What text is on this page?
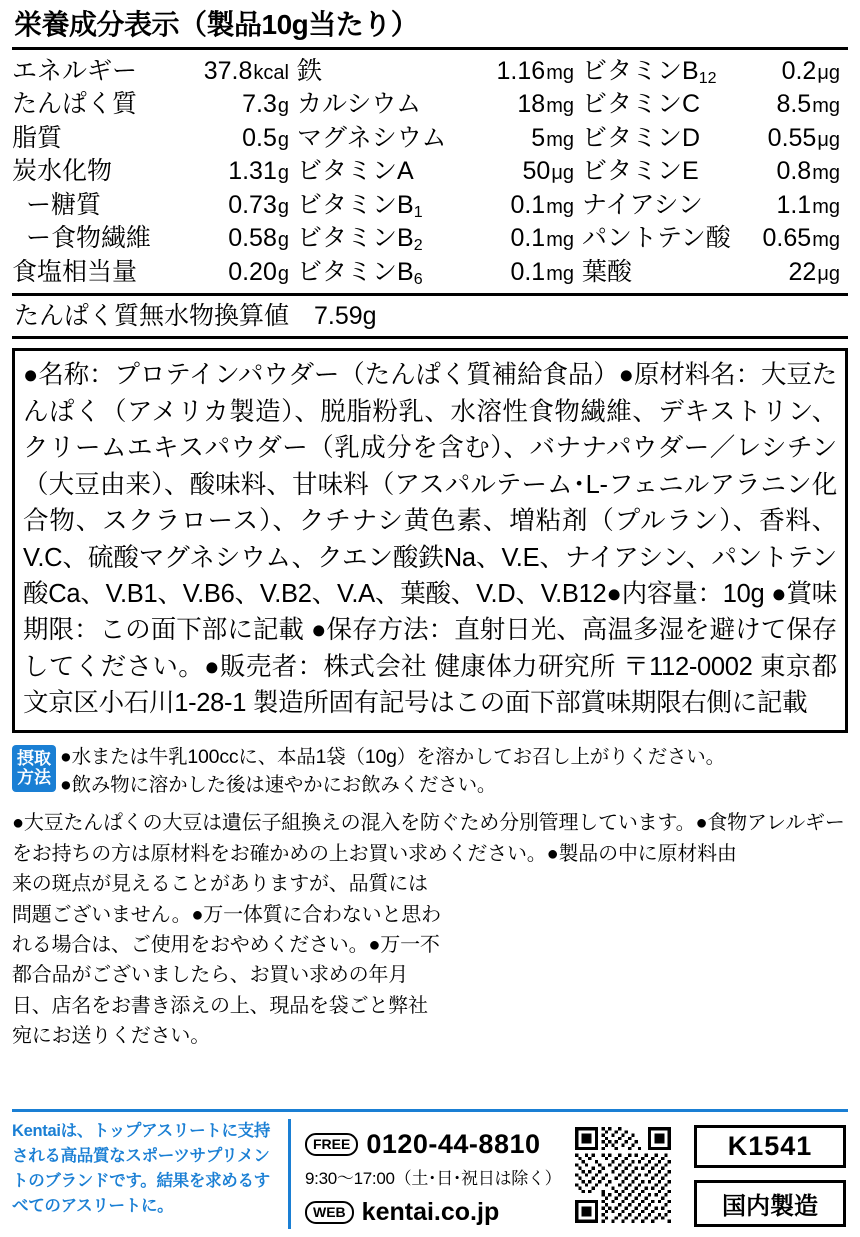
栄養成分表示（製品10g当たり）
エネルギー	37.8 kcal 鉄	1.16 mg ビタミンB12	0.2 μg
たんぱく質	7.3 g カルシウム	18 mg ビタミンC	8.5 mg
脂質	0.5 g マグネシウム	5 mg ビタミンD	0.55 μg
炭水化物	1.31 g ビタミンA	50 μg ビタミンE	0.8 mg
ー糖質	0.73 g ビタミンB1	0.1 mg ナイアシン	1.1 mg
ー食物繊維	0.58 g ビタミンB2	0.1 mg パントテン酸 0.65 mg
食塩相当量	0.20 g ビタミンB6	0.1 mg 葉酸	22 μg
たんぱく質無水物換算値　7.59g
●名称：プロテインパウダー（たんぱく質補給食品）●原材料名：大豆たんぱく（アメリカ製造）、脱脂粉乳、水溶性食物繊維、デキストリン、クリームエキスパウダー（乳成分を含む）、バナナパウダー／レシチン（大豆由来）、酸味料、甘味料（アスパルテーム･L-フェニルアラニン化合物、スクラロース）、クチナシ黄色素、増粘剤（プルラン）、香料、V.C、硫酸マグネシウム、クエン酸鉄Na、V.E、ナイアシン、パントテン酸Ca、V.B1、V.B6、V.B2、V.A、葉酸、V.D、V.B12●内容量：10g ●賞味期限：この面下部に記載 ●保存方法：直射日光、高温多湿を避けて保存してください。●販売者：株式会社 健康体力研究所 〒112-0002 東京都文京区小石川1-28-1 製造所固有記号はこの面下部賞味期限右側に記載
摂取
方法
●水または牛乳100ccに、本品1袋（10g）を溶かしてお召し上がりください。
●飲み物に溶かした後は速やかにお飲みください。
●大豆たんぱくの大豆は遺伝子組換えの混入を防ぐため分別管理しています。●食物アレルギーをお持ちの方は原材料をお確かめの上お買い求めください。●製品の中に原材料由
来の斑点が見えることがありますが、品質には問題ございません。●万一体質に合わないと思われる場合は、ご使用をおやめください。●万一不都合品がございましたら、お買い求めの年月日、店名をお書き添えの上、現品を袋ごと弊社宛にお送りください。
Kentaiは、トップアスリートに支持される高品質なスポーツサプリメントのブランドです。結果を求めるすべてのアスリートに。
FREE 0120-44-8810
9:30〜17:00（土･日･祝日は除く）
WEB kentai.co.jp
K1541
国内製造
